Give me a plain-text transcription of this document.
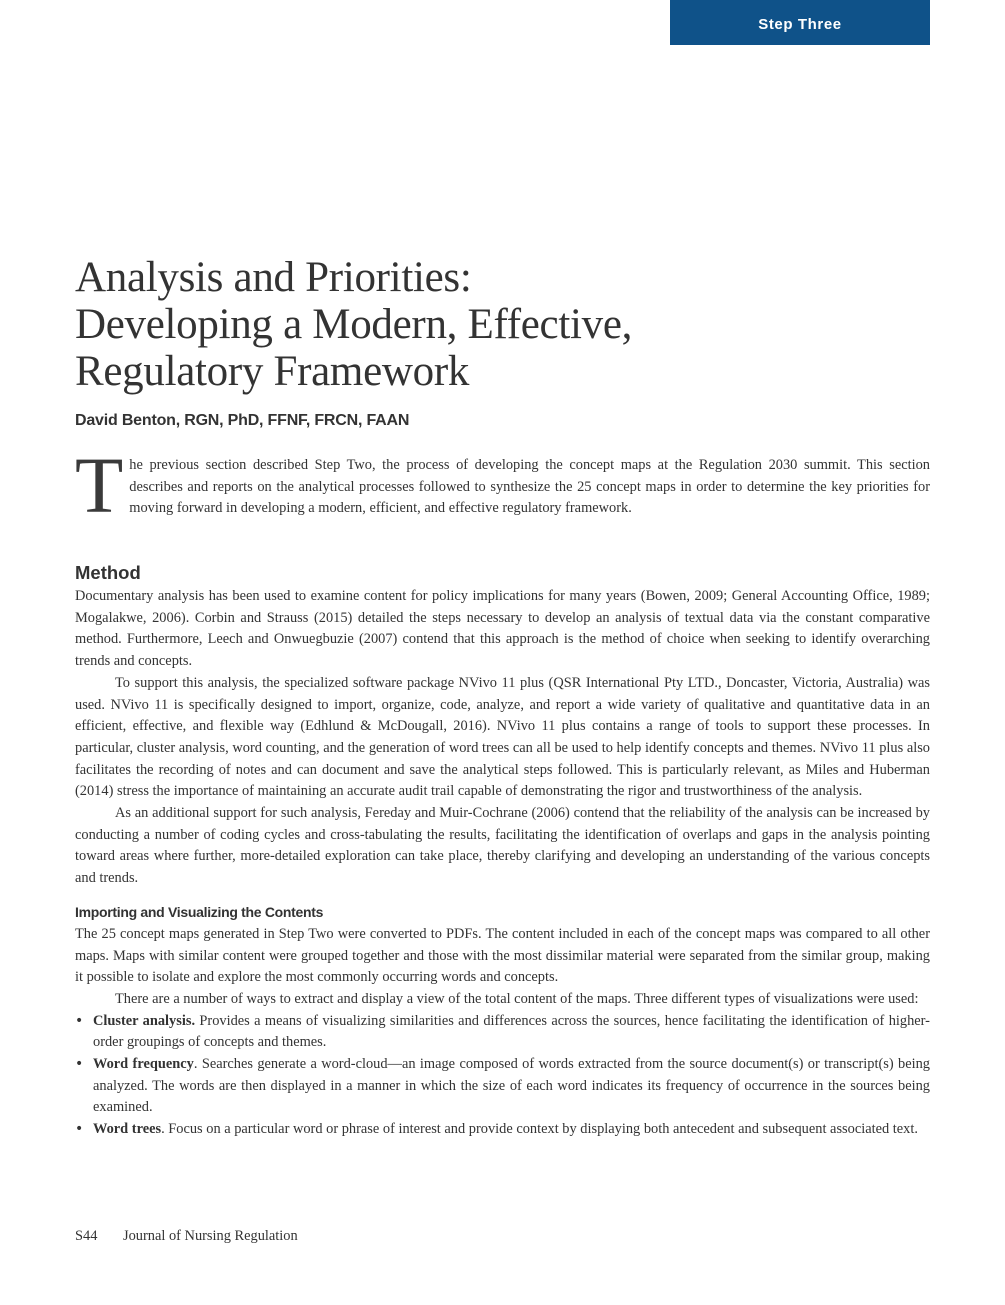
Step Three
Analysis and Priorities:
Developing a Modern, Effective,
Regulatory Framework

David Benton, RGN, PhD, FFNF, FRCN, FAAN

The previous section described Step Two, the process of developing the concept maps at the Regulation 2030 summit. This section describes and reports on the analytical processes followed to synthesize the 25 concept maps in order to determine the key priorities for moving forward in developing a modern, efficient, and effective regulatory framework.

Method

Documentary analysis has been used to examine content for policy implications for many years (Bowen, 2009; General Accounting Office, 1989; Mogalakwe, 2006). Corbin and Strauss (2015) detailed the steps necessary to develop an analysis of textual data via the constant comparative method. Furthermore, Leech and Onwuegbuzie (2007) contend that this approach is the method of choice when seeking to identify overarching trends and concepts.

To support this analysis, the specialized software package NVivo 11 plus (QSR International Pty LTD., Doncaster, Victoria, Australia) was used. NVivo 11 is specifically designed to import, organize, code, analyze, and report a wide variety of qualitative and quantitative data in an efficient, effective, and flexible way (Edhlund & McDougall, 2016). NVivo 11 plus contains a range of tools to support these processes. In particular, cluster analysis, word counting, and the generation of word trees can all be used to help identify concepts and themes. NVivo 11 plus also facilitates the recording of notes and can document and save the analytical steps followed. This is particularly relevant, as Miles and Huberman (2014) stress the importance of maintaining an accurate audit trail capable of demonstrating the rigor and trustworthiness of the analysis.

As an additional support for such analysis, Fereday and Muir-Cochrane (2006) contend that the reliability of the analysis can be increased by conducting a number of coding cycles and cross-tabulating the results, facilitating the identification of overlaps and gaps in the analysis pointing toward areas where further, more-detailed exploration can take place, thereby clarifying and developing an understanding of the various concepts and trends.

Importing and Visualizing the Contents

The 25 concept maps generated in Step Two were converted to PDFs. The content included in each of the concept maps was compared to all other maps. Maps with similar content were grouped together and those with the most dissimilar material were separated from the similar group, making it possible to isolate and explore the most commonly occurring words and concepts.

There are a number of ways to extract and display a view of the total content of the maps. Three different types of visualizations were used:

• Cluster analysis. Provides a means of visualizing similarities and differences across the sources, hence facilitating the identification of higher-order groupings of concepts and themes.
• Word frequency. Searches generate a word-cloud—an image composed of words extracted from the source document(s) or transcript(s) being analyzed. The words are then displayed in a manner in which the size of each word indicates its frequency of occurrence in the sources being examined.
• Word trees. Focus on a particular word or phrase of interest and provide context by displaying both antecedent and subsequent associated text.
S44 Journal of Nursing Regulation
